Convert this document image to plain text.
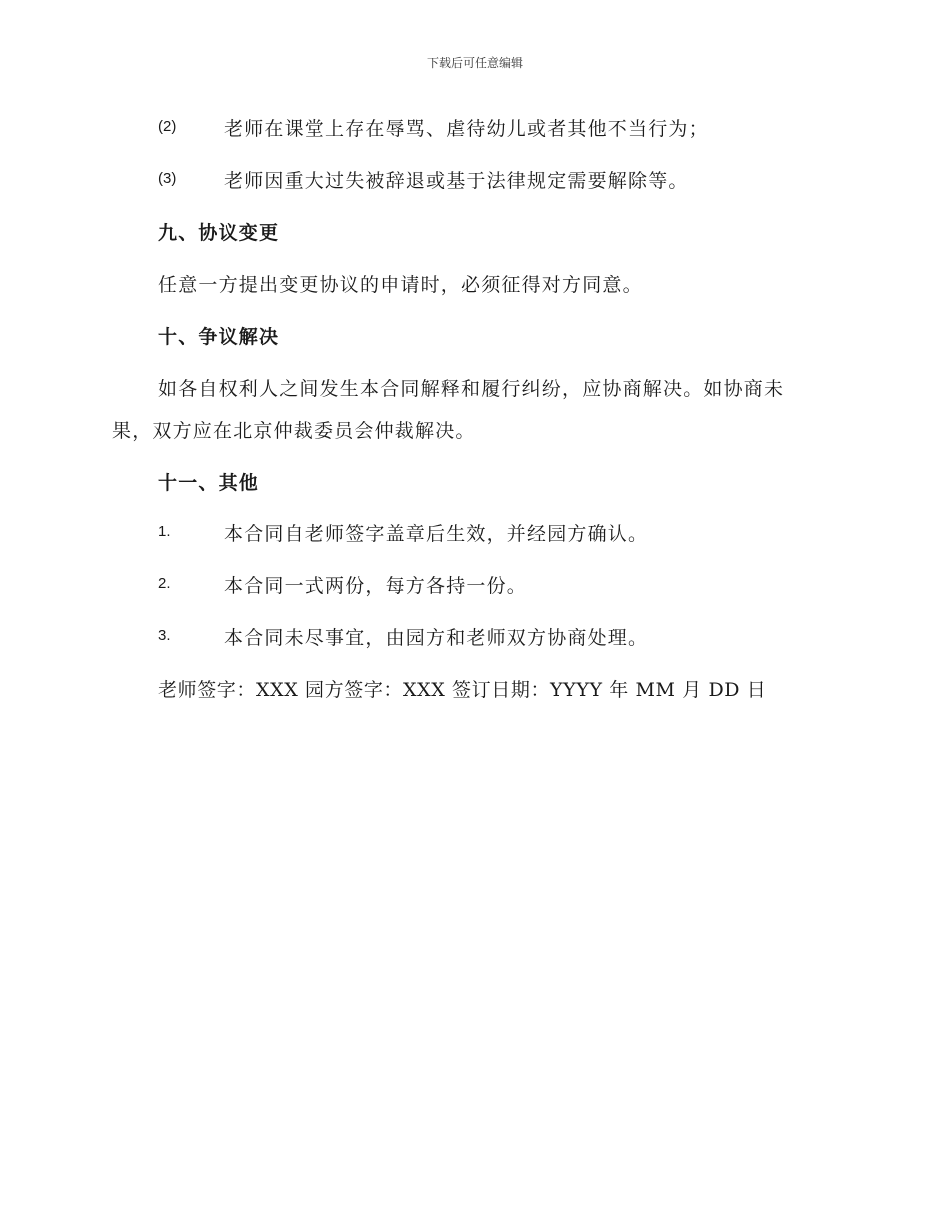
下载后可任意编辑
(2)	老师在课堂上存在辱骂、虐待幼儿或者其他不当行为；
(3)	老师因重大过失被辞退或基于法律规定需要解除等。
九、协议变更
任意一方提出变更协议的申请时，必须征得对方同意。
十、争议解决
如各自权利人之间发生本合同解释和履行纠纷，应协商解决。如协商未
果，双方应在北京仲裁委员会仲裁解决。
十一、其他
1.	本合同自老师签字盖章后生效，并经园方确认。
2.	本合同一式两份，每方各持一份。
3.	本合同未尽事宜，由园方和老师双方协商处理。
老师签字：XXX 园方签字：XXX 签订日期：YYYY 年 MM 月 DD 日
